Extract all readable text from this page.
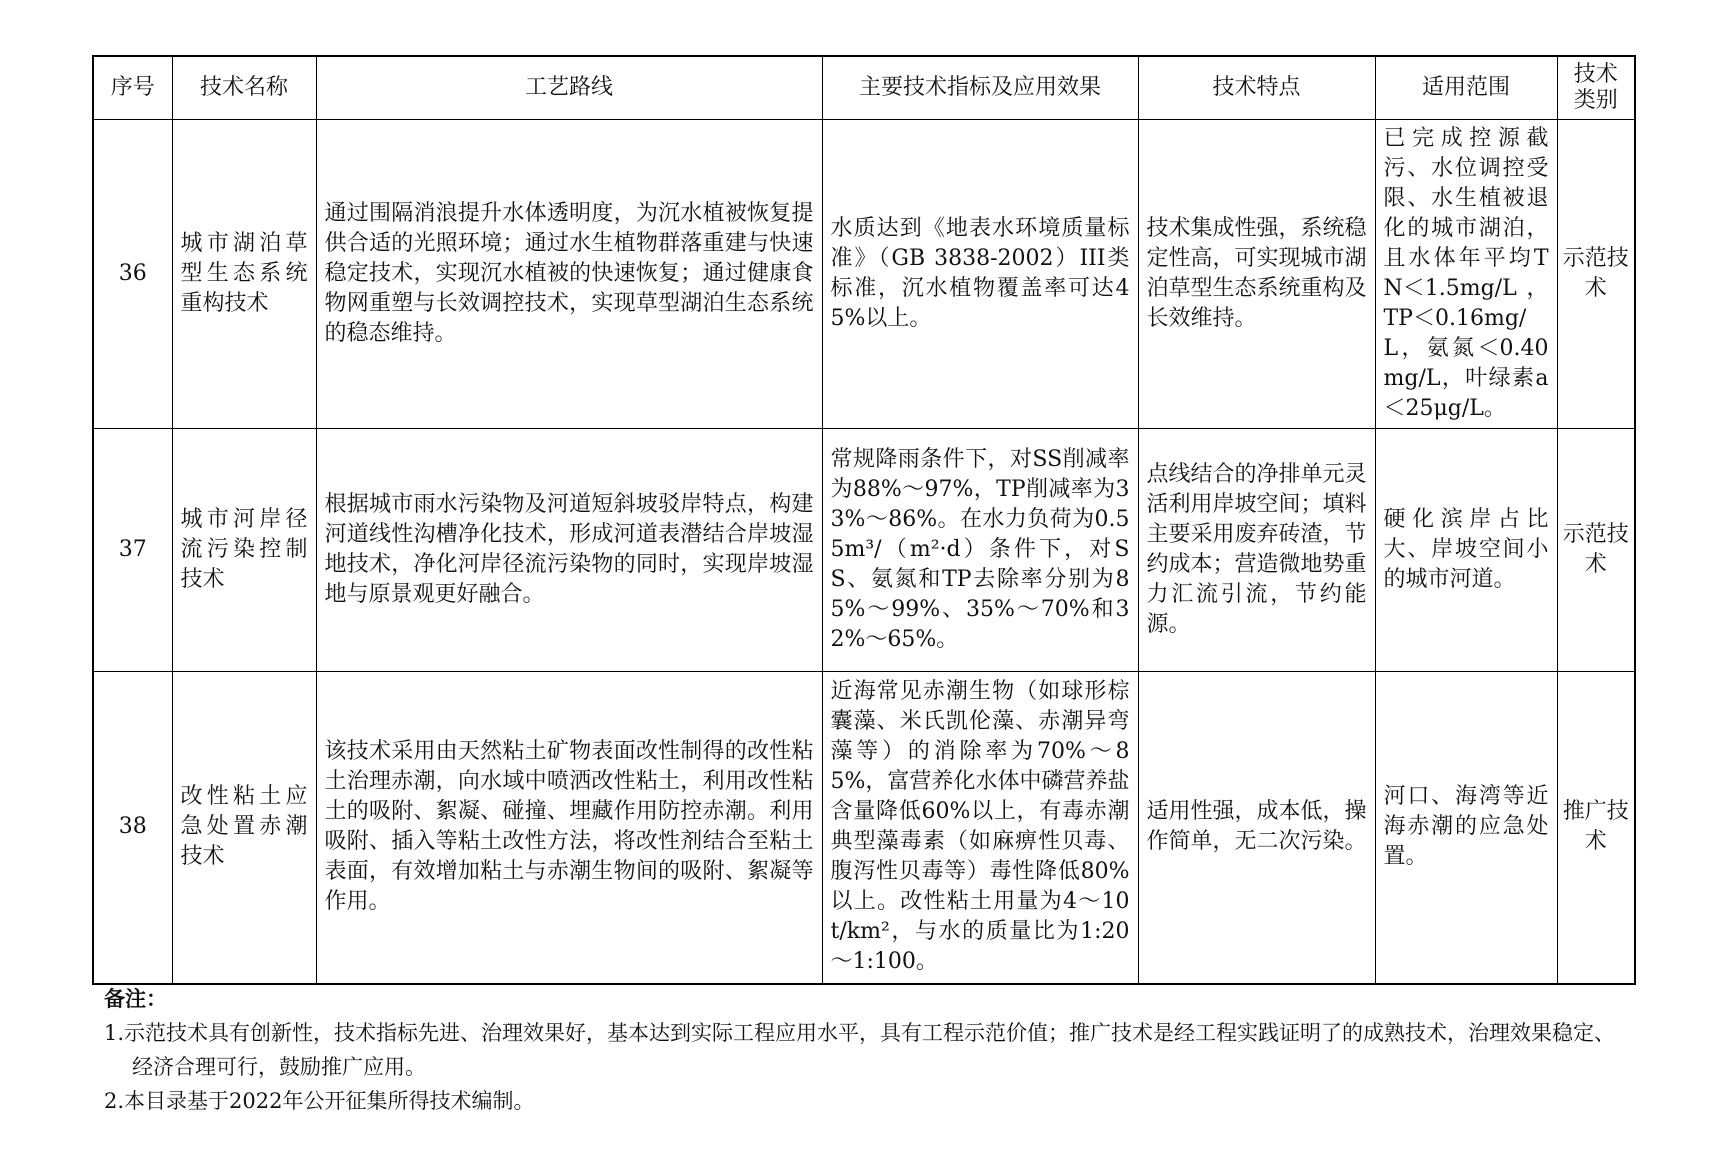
序号	技术名称	工艺路线	主要技术指标及应用效果	技术特点	适用范围	技术类别
36	城市湖泊草型生态系统重构技术	通过围隔消浪提升水体透明度，为沉水植被恢复提供合适的光照环境；通过水生植物群落重建与快速稳定技术，实现沉水植被的快速恢复；通过健康食物网重塑与长效调控技术，实现草型湖泊生态系统的稳态维持。	水质达到《地表水环境质量标准》（GB 3838-2002）III类标准，沉水植物覆盖率可达45%以上。	技术集成性强，系统稳定性高，可实现城市湖泊草型生态系统重构及长效维持。	已完成控源截污、水位调控受限、水生植被退化的城市湖泊，且水体年平均TN＜1.5mg/L，TP＜0.16mg/L，氨氮＜0.40mg/L，叶绿素a＜25μg/L。	示范技术
37	城市河岸径流污染控制技术	根据城市雨水污染物及河道短斜坡驳岸特点，构建河道线性沟槽净化技术，形成河道表潜结合岸坡湿地技术，净化河岸径流污染物的同时，实现岸坡湿地与原景观更好融合。	常规降雨条件下，对SS削减率为88%～97%，TP削减率为33%～86%。在水力负荷为0.55m³/（m²·d）条件下，对SS、氨氮和TP去除率分别为85%～99%、35%～70%和32%～65%。	点线结合的净排单元灵活利用岸坡空间；填料主要采用废弃砖渣，节约成本；营造微地势重力汇流引流，节约能源。	硬化滨岸占比大、岸坡空间小的城市河道。	示范技术
38	改性粘土应急处置赤潮技术	该技术采用由天然粘土矿物表面改性制得的改性粘土治理赤潮，向水域中喷洒改性粘土，利用改性粘土的吸附、絮凝、碰撞、埋藏作用防控赤潮。利用吸附、插入等粘土改性方法，将改性剂结合至粘土表面，有效增加粘土与赤潮生物间的吸附、絮凝等作用。	近海常见赤潮生物（如球形棕囊藻、米氏凯伦藻、赤潮异弯藻等）的消除率为70%～85%，富营养化水体中磷营养盐含量降低60%以上，有毒赤潮典型藻毒素（如麻痹性贝毒、腹泻性贝毒等）毒性降低80%以上。改性粘土用量为4～10t/km²，与水的质量比为1:20～1:100。	适用性强，成本低，操作简单，无二次污染。	河口、海湾等近海赤潮的应急处置。	推广技术
备注：
1.示范技术具有创新性，技术指标先进、治理效果好，基本达到实际工程应用水平，具有工程示范价值；推广技术是经工程实践证明了的成熟技术，治理效果稳定、经济合理可行，鼓励推广应用。
2.本目录基于2022年公开征集所得技术编制。
